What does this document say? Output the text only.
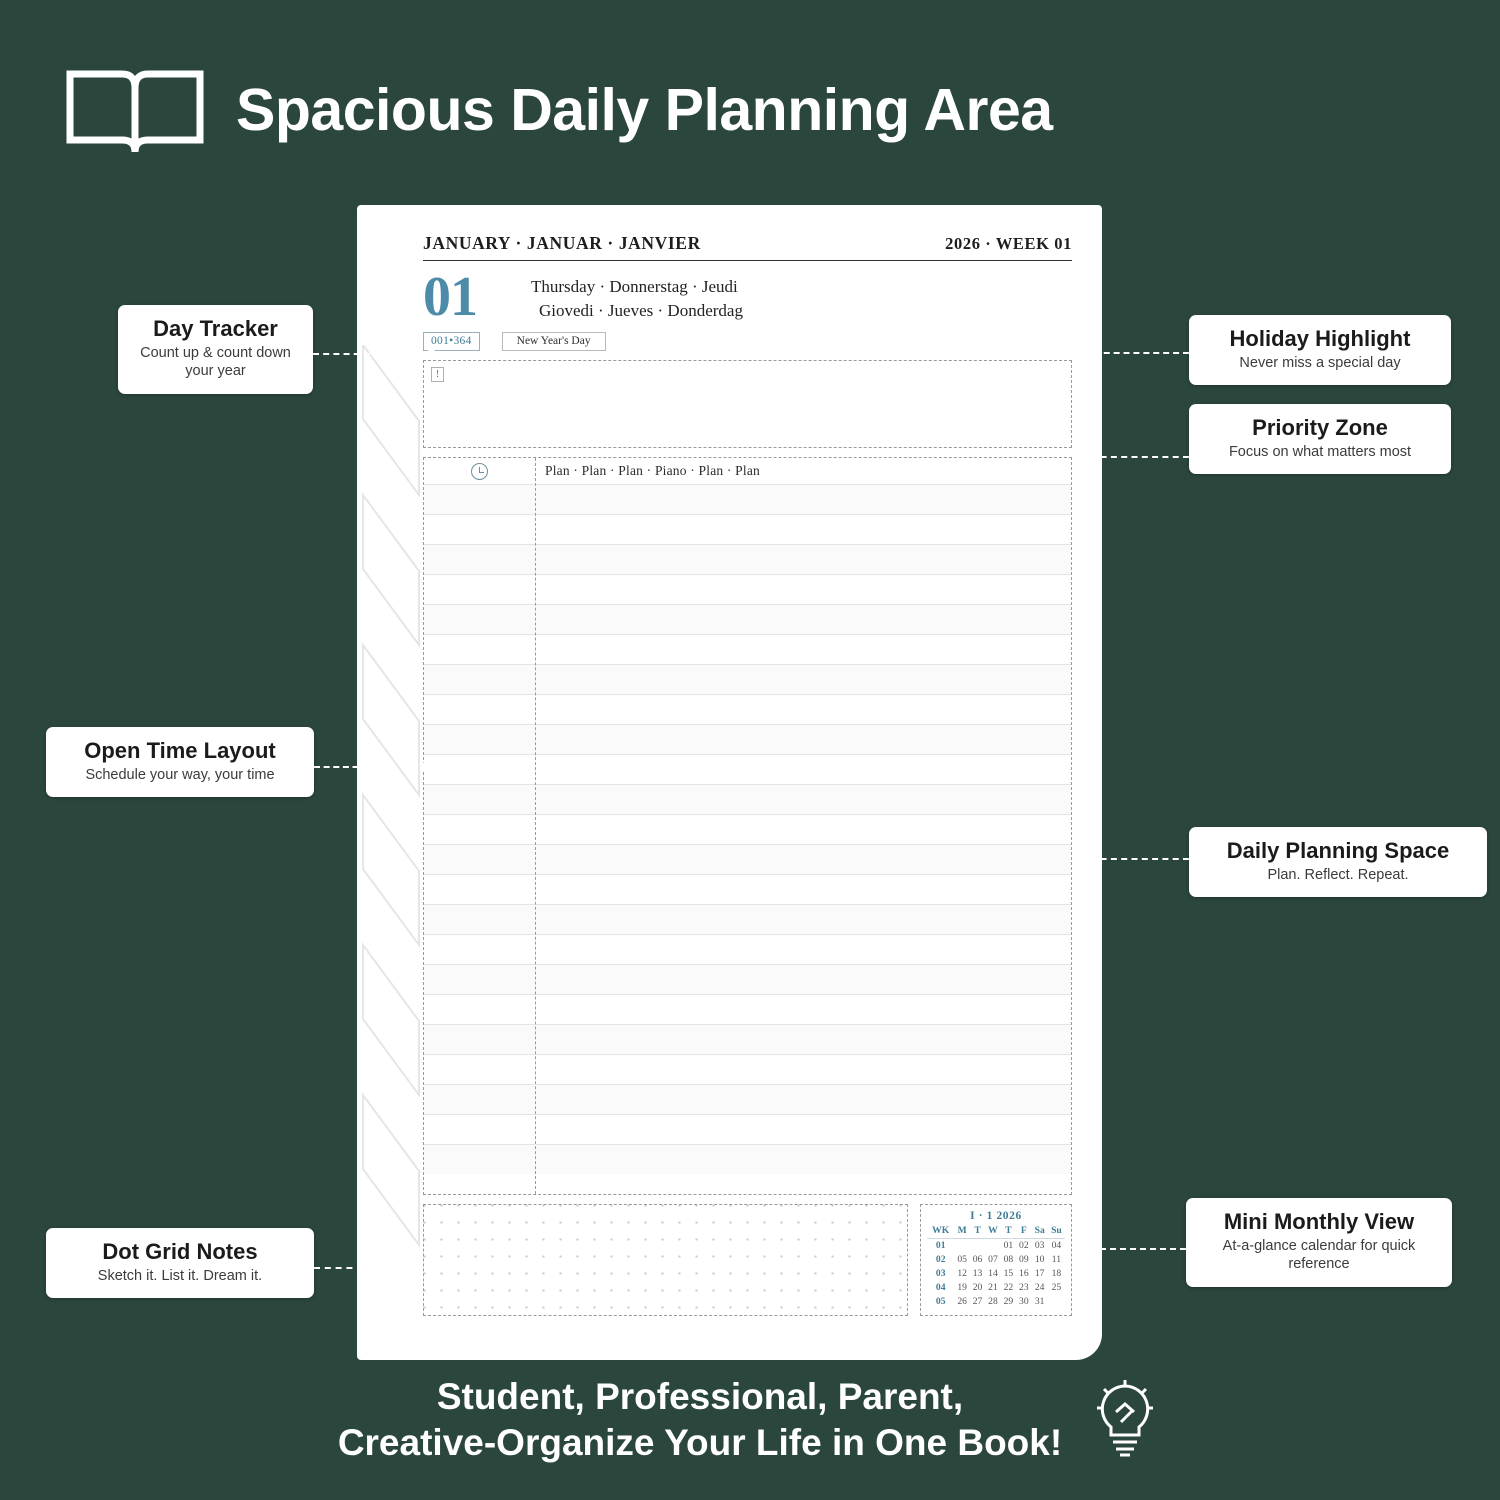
Spacious Daily Planning Area
JANUARY · JANUAR · JANVIER	2026 · WEEK 01
01	Thursday · Donnerstag · Jeudi
Giovedi · Jueves · Donderdag
001•364	New Year's Day
!
Plan · Plan · Plan · Piano · Plan · Plan
I · 1 2026
WK	M	T	W	T	F	Sa	Su
01				01	02	03	04
02	05	06	07	08	09	10	11
03	12	13	14	15	16	17	18
04	19	20	21	22	23	24	25
05	26	27	28	29	30	31	
Day Tracker
Count up & count down your year
Open Time Layout
Schedule your way, your time
Dot Grid Notes
Sketch it. List it. Dream it.
Holiday Highlight
Never miss a special day
Priority Zone
Focus on what matters most
Daily Planning Space
Plan. Reflect. Repeat.
Mini Monthly View
At-a-glance calendar for quick reference
Student, Professional, Parent,
Creative-Organize Your Life in One Book!
